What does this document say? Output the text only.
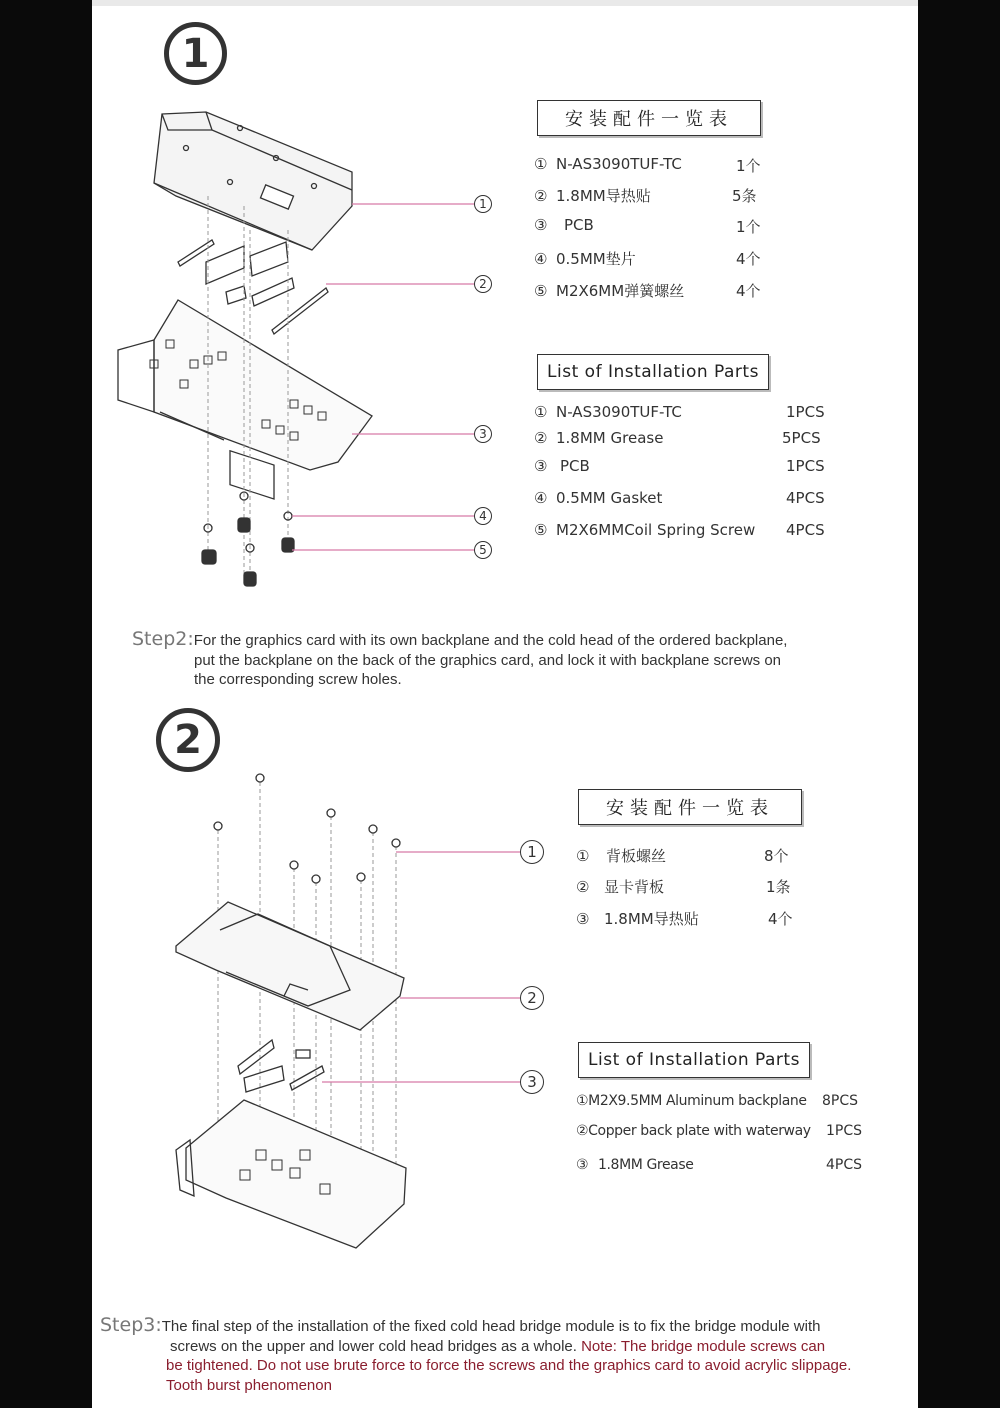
1
1
2
3
4
5
安装配件一览表
① N-AS3090TUF-TC	1个
② 1.8MM导热贴	5条
③ PCB	1个
④ 0.5MM垫片	4个
⑤ M2X6MM弹簧螺丝	4个
List of Installation Parts
① N-AS3090TUF-TC	1PCS
② 1.8MM Grease	5PCS
③ PCB	1PCS
④ 0.5MM Gasket	4PCS
⑤ M2X6MMCoil Spring Screw 4PCS
Step2:For the graphics card with its own backplane and the cold head of the ordered backplane,
put the backplane on the back of the graphics card, and lock it with backplane screws on
the corresponding screw holes.
2
1
2
3
安装配件一览表
① 背板螺丝	8个
② 显卡背板	1条
③ 1.8MM导热贴	4个
List of Installation Parts
①M2X9.5MM Aluminum backplane 8PCS
②Copper back plate with waterway 1PCS
③ 1.8MM Grease	4PCS
Step3:The final step of the installation of the fixed cold head bridge module is to fix the bridge module with
screws on the upper and lower cold head bridges as a whole. Note: The bridge module screws can
be tightened. Do not use brute force to force the screws and the graphics card to avoid acrylic slippage.
Tooth burst phenomenon
